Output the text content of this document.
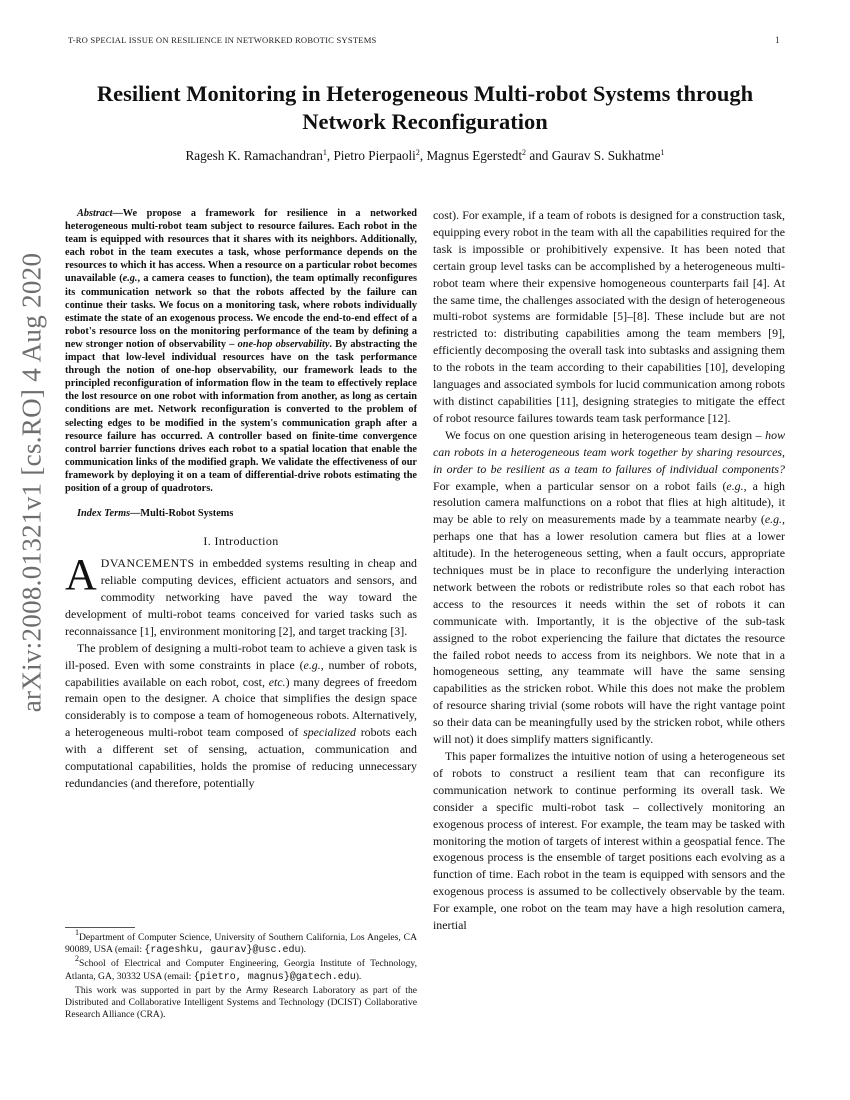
T-RO SPECIAL ISSUE ON RESILIENCE IN NETWORKED ROBOTIC SYSTEMS	1
arXiv:2008.01321v1 [cs.RO] 4 Aug 2020
Resilient Monitoring in Heterogeneous Multi-robot Systems through Network Reconfiguration
Ragesh K. Ramachandran$^1$, Pietro Pierpaoli$^2$, Magnus Egerstedt$^2$ and Gaurav S. Sukhatme$^1$

Abstract—We propose a framework for resilience in a networked heterogeneous multi-robot team subject to resource failures. Each robot in the team is equipped with resources that it shares with its neighbors. Additionally, each robot in the team executes a task, whose performance depends on the resources to which it has access. When a resource on a particular robot becomes unavailable (e.g., a camera ceases to function), the team optimally reconfigures its communication network so that the robots affected by the failure can continue their tasks. We focus on a monitoring task, where robots individually estimate the state of an exogenous process. We encode the end-to-end effect of a robot's resource loss on the monitoring performance of the team by defining a new stronger notion of observability – one-hop observability. By abstracting the impact that low-level individual resources have on the task performance through the notion of one-hop observability, our framework leads to the principled reconfiguration of information flow in the team to effectively replace the lost resource on one robot with information from another, as long as certain conditions are met. Network reconfiguration is converted to the problem of selecting edges to be modified in the system's communication graph after a resource failure has occurred. A controller based on finite-time convergence control barrier functions drives each robot to a spatial location that enable the communication links of the modified graph. We validate the effectiveness of our framework by deploying it on a team of differential-drive robots estimating the position of a group of quadrotors.

Index Terms—Multi-Robot Systems

I. Introduction

ADVANCEMENTS in embedded systems resulting in cheap and reliable computing devices, efficient actuators and sensors, and commodity networking have paved the way toward the development of multi-robot teams conceived for varied tasks such as reconnaissance [1], environment monitoring [2], and target tracking [3].

The problem of designing a multi-robot team to achieve a given task is ill-posed. Even with some constraints in place (e.g., number of robots, capabilities available on each robot, cost, etc.) many degrees of freedom remain open to the designer. A choice that simplifies the design space considerably is to compose a team of homogeneous robots. Alternatively, a heterogeneous multi-robot team composed of specialized robots each with a different set of sensing, actuation, communication and computational capabilities, holds the promise of reducing unnecessary redundancies (and therefore, potentially

$^1$Department of Computer Science, University of Southern California, Los Angeles, CA 90089, USA (email: {rageshku, gaurav}@usc.edu).

$^2$School of Electrical and Computer Engineering, Georgia Institute of Technology, Atlanta, GA, 30332 USA (email: {pietro, magnus}@gatech.edu).

This work was supported in part by the Army Research Laboratory as part of the Distributed and Collaborative Intelligent Systems and Technology (DCIST) Collaborative Research Alliance (CRA).

cost). For example, if a team of robots is designed for a construction task, equipping every robot in the team with all the capabilities required for the task is impossible or prohibitively expensive. It has been noted that certain group level tasks can be accomplished by a heterogeneous multi-robot team where their expensive homogeneous counterparts fail [4]. At the same time, the challenges associated with the design of heterogeneous multi-robot systems are formidable [5]–[8]. These include but are not restricted to: distributing capabilities among the team members [9], efficiently decomposing the overall task into subtasks and assigning them to the robots in the team according to their capabilities [10], developing languages and associated symbols for lucid communication among robots with distinct capabilities [11], designing strategies to mitigate the effect of robot resource failures towards team task performance [12].

We focus on one question arising in heterogeneous team design – how can robots in a heterogeneous team work together by sharing resources, in order to be resilient as a team to failures of individual components? For example, when a particular sensor on a robot fails (e.g., a high resolution camera malfunctions on a robot that flies at high altitude), it may be able to rely on measurements made by a teammate nearby (e.g., perhaps one that has a lower resolution camera but flies at a lower altitude). In the heterogeneous setting, when a fault occurs, appropriate techniques must be in place to reconfigure the underlying interaction network between the robots or redistribute roles so that each robot has access to the resources it needs within the set of robots it can communicate with. Importantly, it is the objective of the sub-task assigned to the robot experiencing the failure that dictates the resource the failed robot needs to access from its neighbors. We note that in a homogeneous setting, any teammate will have the same sensing capabilities as the stricken robot. While this does not make the problem of resource sharing trivial (some robots will have the right vantage point so their data can be meaningfully used by the stricken robot, while others will not) it does simplify matters significantly.

This paper formalizes the intuitive notion of using a heterogeneous set of robots to construct a resilient team that can reconfigure its communication network to continue performing its overall task. We consider a specific multi-robot task – collectively monitoring an exogenous process of interest. For example, the team may be tasked with monitoring the motion of targets of interest within a geospatial fence. The exogenous process is the ensemble of target positions each evolving as a function of time. Each robot in the team is equipped with sensors and the exogenous process is assumed to be collectively observable by the team. For example, one robot on the team may have a high resolution camera, inertial
